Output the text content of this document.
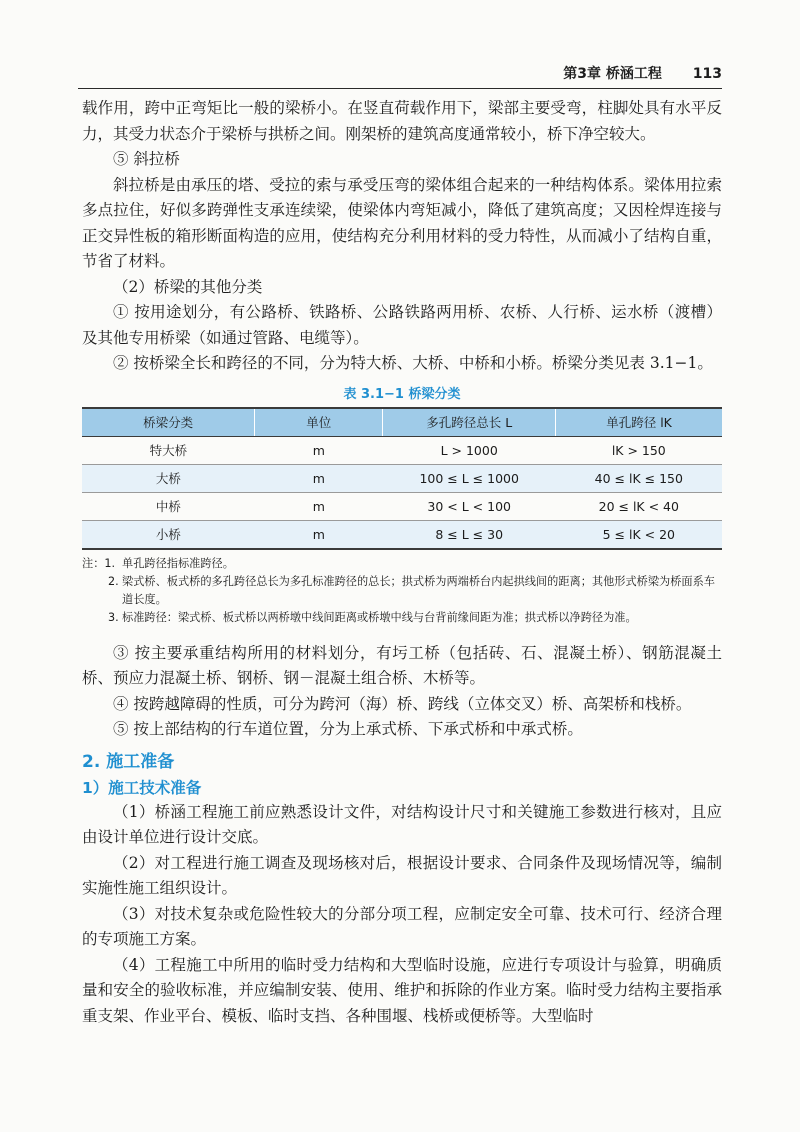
第3章 桥涵工程 113

载作用，跨中正弯矩比一般的梁桥小。在竖直荷载作用下，梁部主要受弯，柱脚处具有水平反力，其受力状态介于梁桥与拱桥之间。刚架桥的建筑高度通常较小，桥下净空较大。

⑤ 斜拉桥

斜拉桥是由承压的塔、受拉的索与承受压弯的梁体组合起来的一种结构体系。梁体用拉索多点拉住，好似多跨弹性支承连续梁，使梁体内弯矩减小，降低了建筑高度；又因栓焊连接与正交异性板的箱形断面构造的应用，使结构充分利用材料的受力特性，从而减小了结构自重，节省了材料。

（2）桥梁的其他分类

① 按用途划分，有公路桥、铁路桥、公路铁路两用桥、农桥、人行桥、运水桥（渡槽）及其他专用桥梁（如通过管路、电缆等）。

② 按桥梁全长和跨径的不同，分为特大桥、大桥、中桥和小桥。桥梁分类见表 3.1−1。

表 3.1−1 桥梁分类
桥梁分类	单位	多孔跨径总长 L	单孔跨径 lK
特大桥	m	L > 1000	lK > 150
大桥	m	100 ≤ L ≤ 1000	40 ≤ lK ≤ 150
中桥	m	30 < L < 100	20 ≤ lK < 40
小桥	m	8 ≤ L ≤ 30	5 ≤ lK < 20
注：1. 单孔跨径指标准跨径。
2. 梁式桥、板式桥的多孔跨径总长为多孔标准跨径的总长；拱式桥为两端桥台内起拱线间的距离；其他形式桥梁为桥面系车道长度。
3. 标准跨径：梁式桥、板式桥以两桥墩中线间距离或桥墩中线与台背前缘间距为准；拱式桥以净跨径为准。

③ 按主要承重结构所用的材料划分，有圬工桥（包括砖、石、混凝土桥）、钢筋混凝土桥、预应力混凝土桥、钢桥、钢－混凝土组合桥、木桥等。

④ 按跨越障碍的性质，可分为跨河（海）桥、跨线（立体交叉）桥、高架桥和栈桥。

⑤ 按上部结构的行车道位置，分为上承式桥、下承式桥和中承式桥。

2. 施工准备
1）施工技术准备

（1）桥涵工程施工前应熟悉设计文件，对结构设计尺寸和关键施工参数进行核对，且应由设计单位进行设计交底。

（2）对工程进行施工调查及现场核对后，根据设计要求、合同条件及现场情况等，编制实施性施工组织设计。

（3）对技术复杂或危险性较大的分部分项工程，应制定安全可靠、技术可行、经济合理的专项施工方案。

（4）工程施工中所用的临时受力结构和大型临时设施，应进行专项设计与验算，明确质量和安全的验收标准，并应编制安装、使用、维护和拆除的作业方案。临时受力结构主要指承重支架、作业平台、模板、临时支挡、各种围堰、栈桥或便桥等。大型临时
